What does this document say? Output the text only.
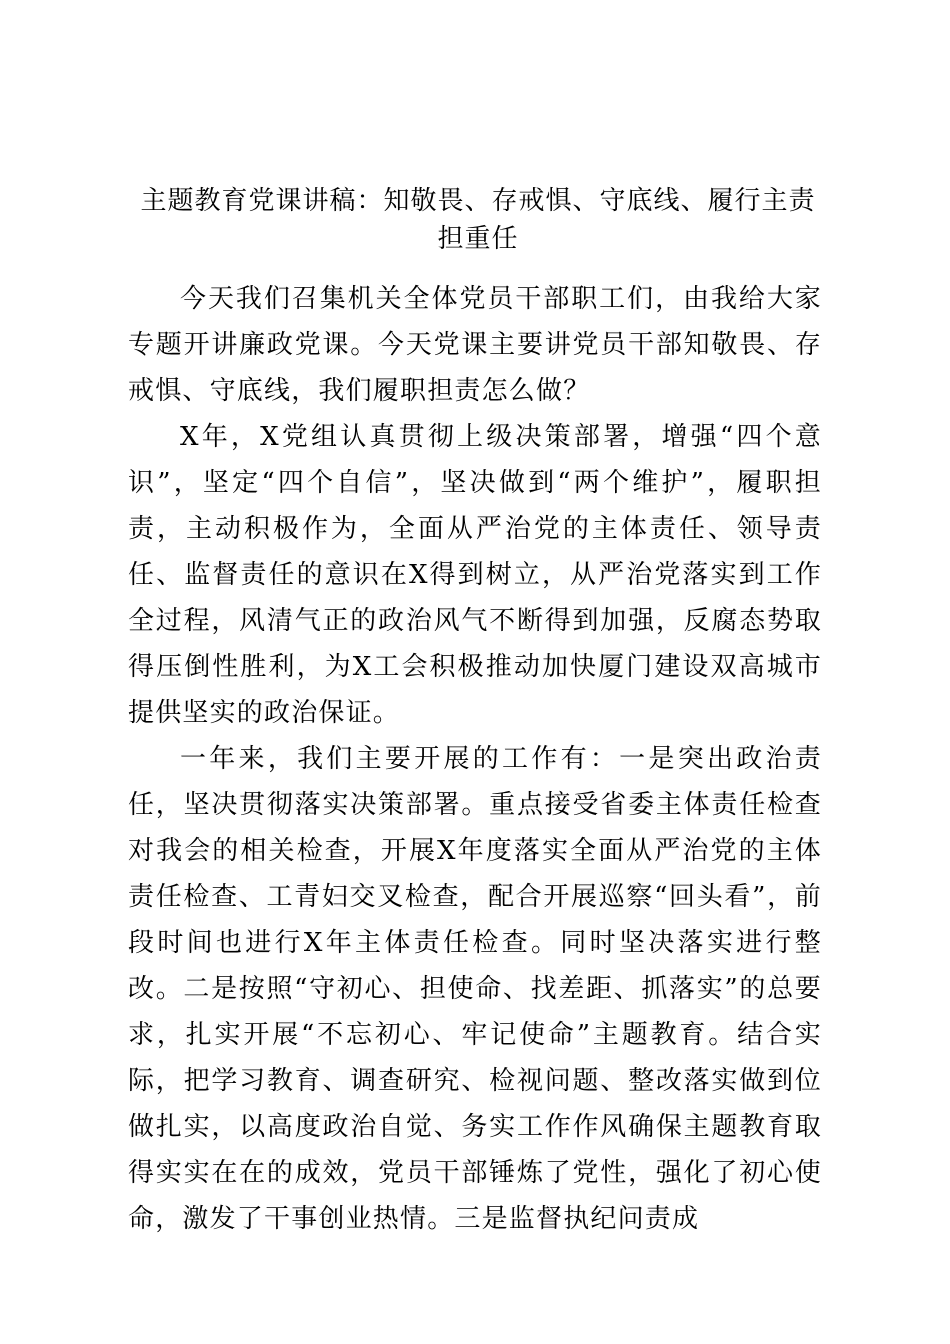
主题教育党课讲稿：知敬畏、存戒惧、守底线、履行主责担重任

今天我们召集机关全体党员干部职工们，由我给大家专题开讲廉政党课。今天党课主要讲党员干部知敬畏、存戒惧、守底线，我们履职担责怎么做？

X年，X党组认真贯彻上级决策部署，增强“四个意识”，坚定“四个自信”，坚决做到“两个维护”，履职担责，主动积极作为，全面从严治党的主体责任、领导责任、监督责任的意识在X得到树立，从严治党落实到工作全过程，风清气正的政治风气不断得到加强，反腐态势取得压倒性胜利，为X工会积极推动加快厦门建设双高城市提供坚实的政治保证。

一年来，我们主要开展的工作有：一是突出政治责任，坚决贯彻落实决策部署。重点接受省委主体责任检查对我会的相关检查，开展X年度落实全面从严治党的主体责任检查、工青妇交叉检查，配合开展巡察“回头看”，前段时间也进行X年主体责任检查。同时坚决落实进行整改。二是按照“守初心、担使命、找差距、抓落实”的总要求，扎实开展“不忘初心、牢记使命”主题教育。结合实际，把学习教育、调查研究、检视问题、整改落实做到位做扎实，以高度政治自觉、务实工作作风确保主题教育取得实实在在的成效，党员干部锤炼了党性，强化了初心使命，激发了干事创业热情。三是监督执纪问责成
